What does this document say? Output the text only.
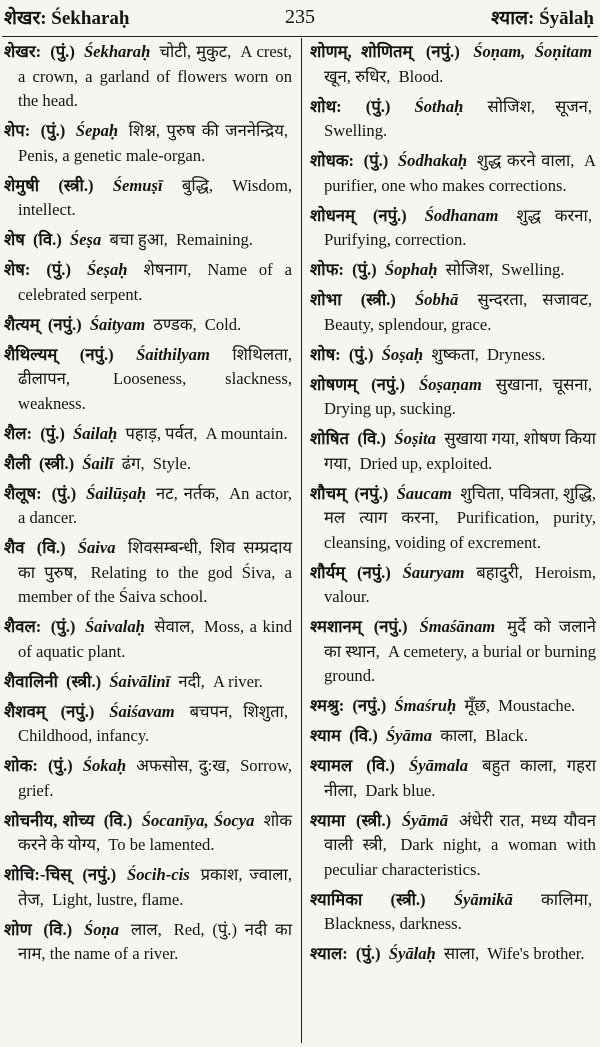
शेखर: Śekharaḥ	235	श्याल: Śyālaḥ
शेखर: (पुं.) Śekharaḥ चोटी, मुकुट, A crest, a crown, a garland of flowers worn on the head.
शेप: (पुं.) Śepaḥ शिश्न, पुरुष की जननेन्द्रिय, Penis, a genetic male-organ.
शेमुषी (स्त्री.) Śemuṣī बुद्धि, Wisdom, intellect.
शेष (वि.) Śeṣa बचा हुआ, Remaining.
शेष: (पुं.) Śeṣaḥ शेषनाग, Name of a celebrated serpent.
शैत्यम् (नपुं.) Śaityam ठण्डक, Cold.
शैथिल्यम् (नपुं.) Śaithilyam शिथिलता, ढीलापन,	Looseness, slackness, weakness.
शैल: (पुं.) Śailaḥ पहाड़, पर्वत, A mountain.
शैली (स्त्री.) Śailī ढंग, Style.
शैलूष: (पुं.) Śailūṣaḥ नट, नर्तक, An actor, a dancer.
शैव (वि.) Śaiva शिवसम्बन्धी, शिव सम्प्रदाय का पुरुष, Relating to the god Śiva, a member of the Śaiva school.
शैवल: (पुं.) Śaivalaḥ सेवाल, Moss, a kind of aquatic plant.
शैवालिनी (स्त्री.) Śaivālinī नदी, A river.
शैशवम् (नपुं.) Śaiśavam बचपन, शिशुता, Childhood, infancy.
शोक: (पुं.) Śokaḥ अफसोस, दु:ख, Sorrow, grief.
शोचनीय, शोच्य (वि.) Śocanīya, Śocya शोक करने के योग्य, To be lamented.
शोचि:-चिस् (नपुं.) Śocih-cis प्रकाश, ज्वाला, तेज, Light, lustre, flame.
शोण (वि.) Śoṇa लाल, Red, (पुं.) नदी का नाम, the name of a river.
शोणम्, शोणितम् (नपुं.) Śoṇam, Śoṇitam खून, रुधिर, Blood.
शोथ: (पुं.) Śothaḥ सोजिश, सूजन, Swelling.
शोधक: (पुं.) Śodhakaḥ शुद्ध करने वाला, A purifier, one who makes corrections.
शोधनम् (नपुं.) Śodhanam शुद्ध करना, Purifying, correction.
शोफ: (पुं.) Śophaḥ सोजिश, Swelling.
शोभा (स्त्री.) Śobhā सुन्दरता, सजावट, Beauty, splendour, grace.
शोष: (पुं.) Śoṣaḥ शुष्कता, Dryness.
शोषणम् (नपुं.) Śoṣaṇam सुखाना, चूसना, Drying up, sucking.
शोषित (वि.) Śoṣita सुखाया गया, शोषण किया गया, Dried up, exploited.
शौचम् (नपुं.) Śaucam शुचिता, पवित्रता, शुद्धि, मल त्याग करना, Purification, purity, cleansing, voiding of excrement.
शौर्यम् (नपुं.) Śauryam बहादुरी, Heroism, valour.
श्मशानम् (नपुं.) Śmaśānam मुर्दे को जलाने का स्थान, A cemetery, a burial or burning ground.
श्मश्रु: (नपुं.) Śmaśruḥ मूँछ, Moustache.
श्याम (वि.) Śyāma काला, Black.
श्यामल (वि.) Śyāmala बहुत काला, गहरा नीला, Dark blue.
श्यामा (स्त्री.) Śyāmā अंधेरी रात, मध्य यौवन वाली स्त्री, Dark night, a woman with peculiar characteristics.
श्यामिका (स्त्री.) Śyāmikā कालिमा, Blackness, darkness.
श्याल: (पुं.) Śyālaḥ साला, Wife's brother.
